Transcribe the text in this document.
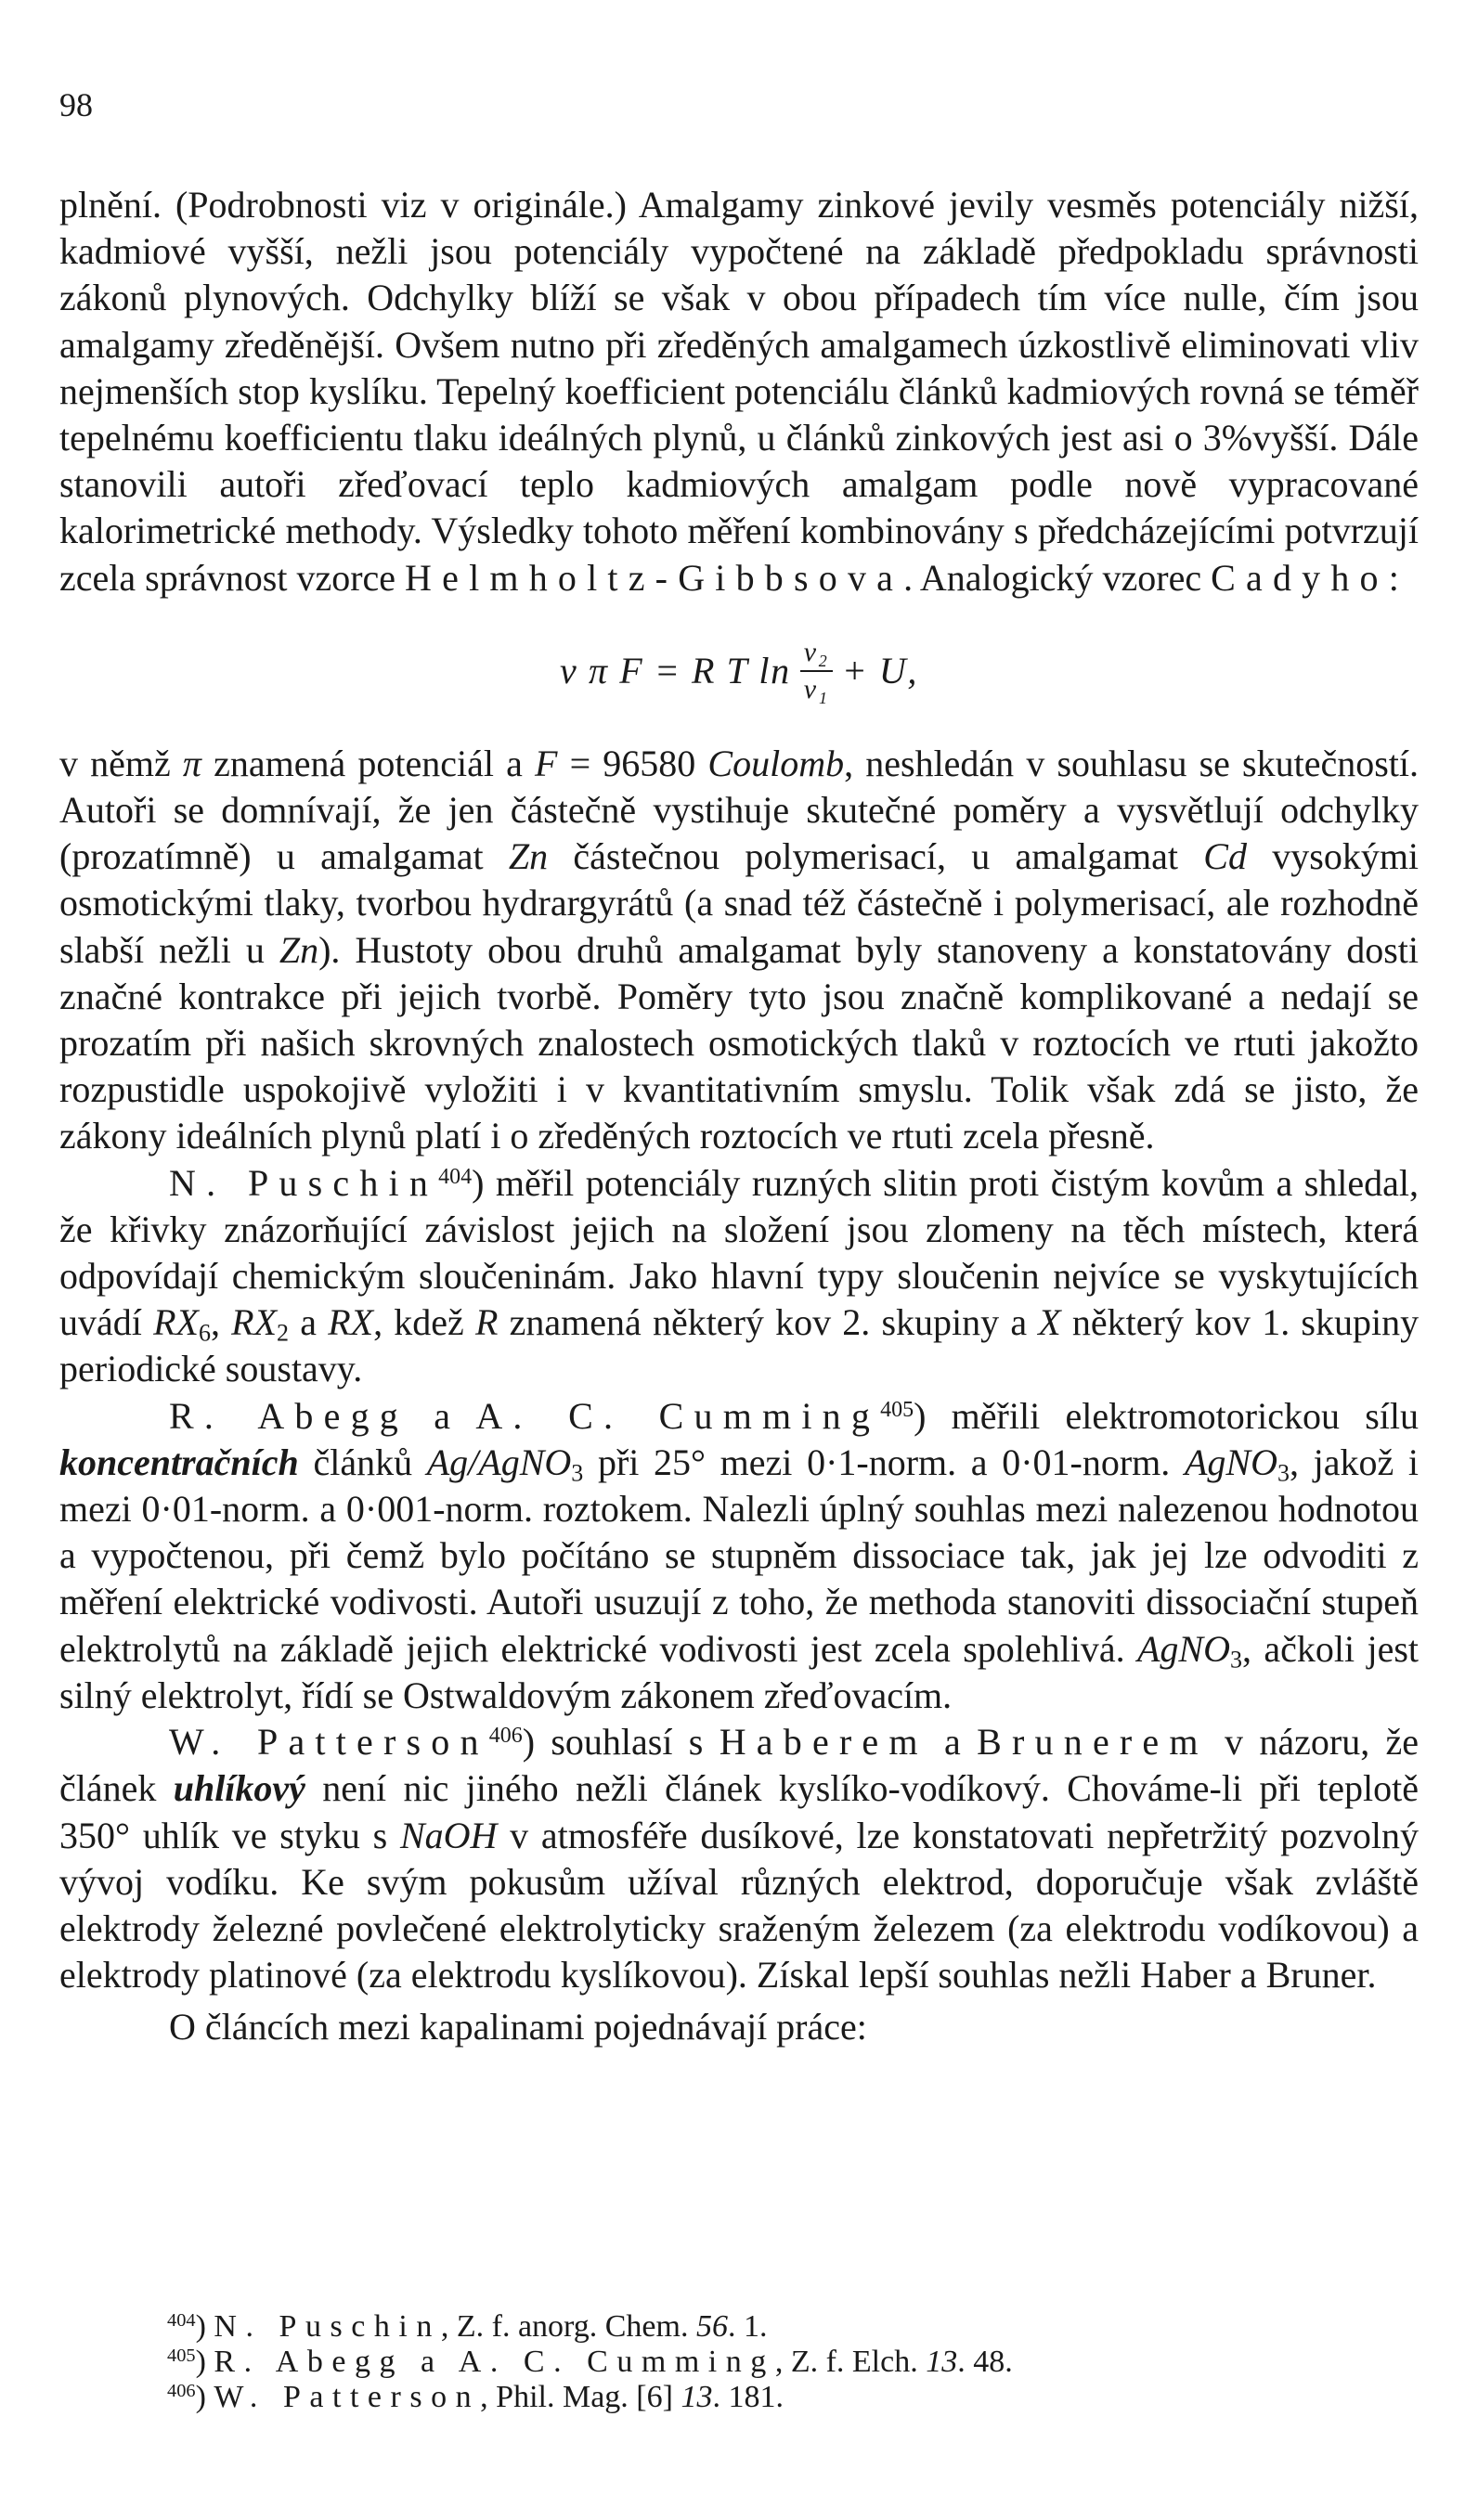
98

plnění. (Podrobnosti viz v originále.) Amalgamy zinkové jevily vesměs potenciály nižší, kadmiové vyšší, nežli jsou potenciály vypočtené na základě předpokladu správnosti zákonů plynových. Odchylky blíží se však v obou případech tím více nulle, čím jsou amalgamy zředěnější. Ovšem nutno při zředěných amalgamech úzkostlivě eliminovati vliv nejmenších stop kyslíku. Tepelný koefficient potenciálu článků kadmiových rovná se téměř tepelnému koefficientu tlaku ideálných plynů, u článků zinkových jest asi o 3%vyšší. Dále stanovili autoři zřeďovací teplo kadmiových amalgam podle nově vypracované kalorimetrické methody. Výsledky tohoto měření kombinovány s předcházejícími potvrzují zcela správnost vzorce Helmholtz-Gibbsova. Analogický vzorec Cadyho:

v π F = R T $\ln \frac{\text{v₂}}{\text{v₁}} + U$,

v němž π znamená potenciál a F = 96580 Coulomb, neshledán v souhlasu se skutečností. Autoři se domnívají, že jen částečně vystihuje skutečné poměry a vysvětlují odchylky (prozatímně) u amalgamat Zn částečnou polymerisací, u amalgamat Cd vysokými osmotickými tlaky, tvorbou hydrargyrátů (a snad též částečně i polymerisací, ale rozhodně slabší nežli u Zn). Hustoty obou druhů amalgamat byly stanoveny a konstatovány dosti značné kontrakce při jejich tvorbě. Poměry tyto jsou značně komplikované a nedají se prozatím při našich skrovných znalostech osmotických tlaků v roztocích ve rtuti jakožto rozpustidle uspokojivě vyložiti i v kvantitativním smyslu. Tolik však zdá se jisto, že zákony ideálních plynů platí i o zředěných roztocích ve rtuti zcela přesně.

N. Puschin$^{404}$) měřil potenciály ruzných slitin proti čistým kovům a shledal, že křivky znázorňující závislost jejich na složení jsou zlomeny na těch místech, která odpovídají chemickým sloučeninám. Jako hlavní typy sloučenin nejvíce se vyskytujících uvádí $RX_6$, $RX_2$ a RX, kdež R znamená některý kov 2. skupiny a X některý kov 1. skupiny periodické soustavy.

R. Abegg a A. C. Cumming$^{405}$) měřili elektromotorickou sílu koncentračních článků Ag/AgNO$_3$ při 25° mezi 0·1-norm. a 0·01-norm. AgNO$_3$, jakož i mezi 0·01-norm. a 0·001-norm. roztokem. Nalezli úplný souhlas mezi nalezenou hodnotou a vypočtenou, při čemž bylo počítáno se stupněm dissociace tak, jak jej lze odvoditi z měření elektrické vodivosti. Autoři usuzují z toho, že methoda stanoviti dissociační stupeň elektrolytů na základě jejich elektrické vodivosti jest zcela spolehlivá. AgNO$_3$, ačkoli jest silný elektrolyt, řídí se Ostwaldovým zákonem zřeďovacím.

W. Patterson$^{406}$) souhlasí s Haberem a Brunerem v názoru, že článek uhlíkový není nic jiného nežli článek kyslíko-vodíkový. Chováme-li při teplotě 350° uhlík ve styku s NaOH v atmosféře dusíkové, lze konstatovati nepřetržitý pozvolný vývoj vodíku. Ke svým pokusům užíval různých elektrod, doporučuje však zvláště elektrody železné povlečené elektrolyticky sraženým železem (za elektrodu vodíkovou) a elektrody platinové (za elektrodu kyslíkovou). Získal lepší souhlas nežli Haber a Bruner.

O článcích mezi kapalinami pojednávají práce:

$^{404}$) N. Puschin, Z. f. anorg. Chem. 56. 1.

$^{405}$) R. Abegg a A. C. Cumming, Z. f. Elch. 13. 48.

$^{406}$) W. Patterson, Phil. Mag. [6] 13. 181.
